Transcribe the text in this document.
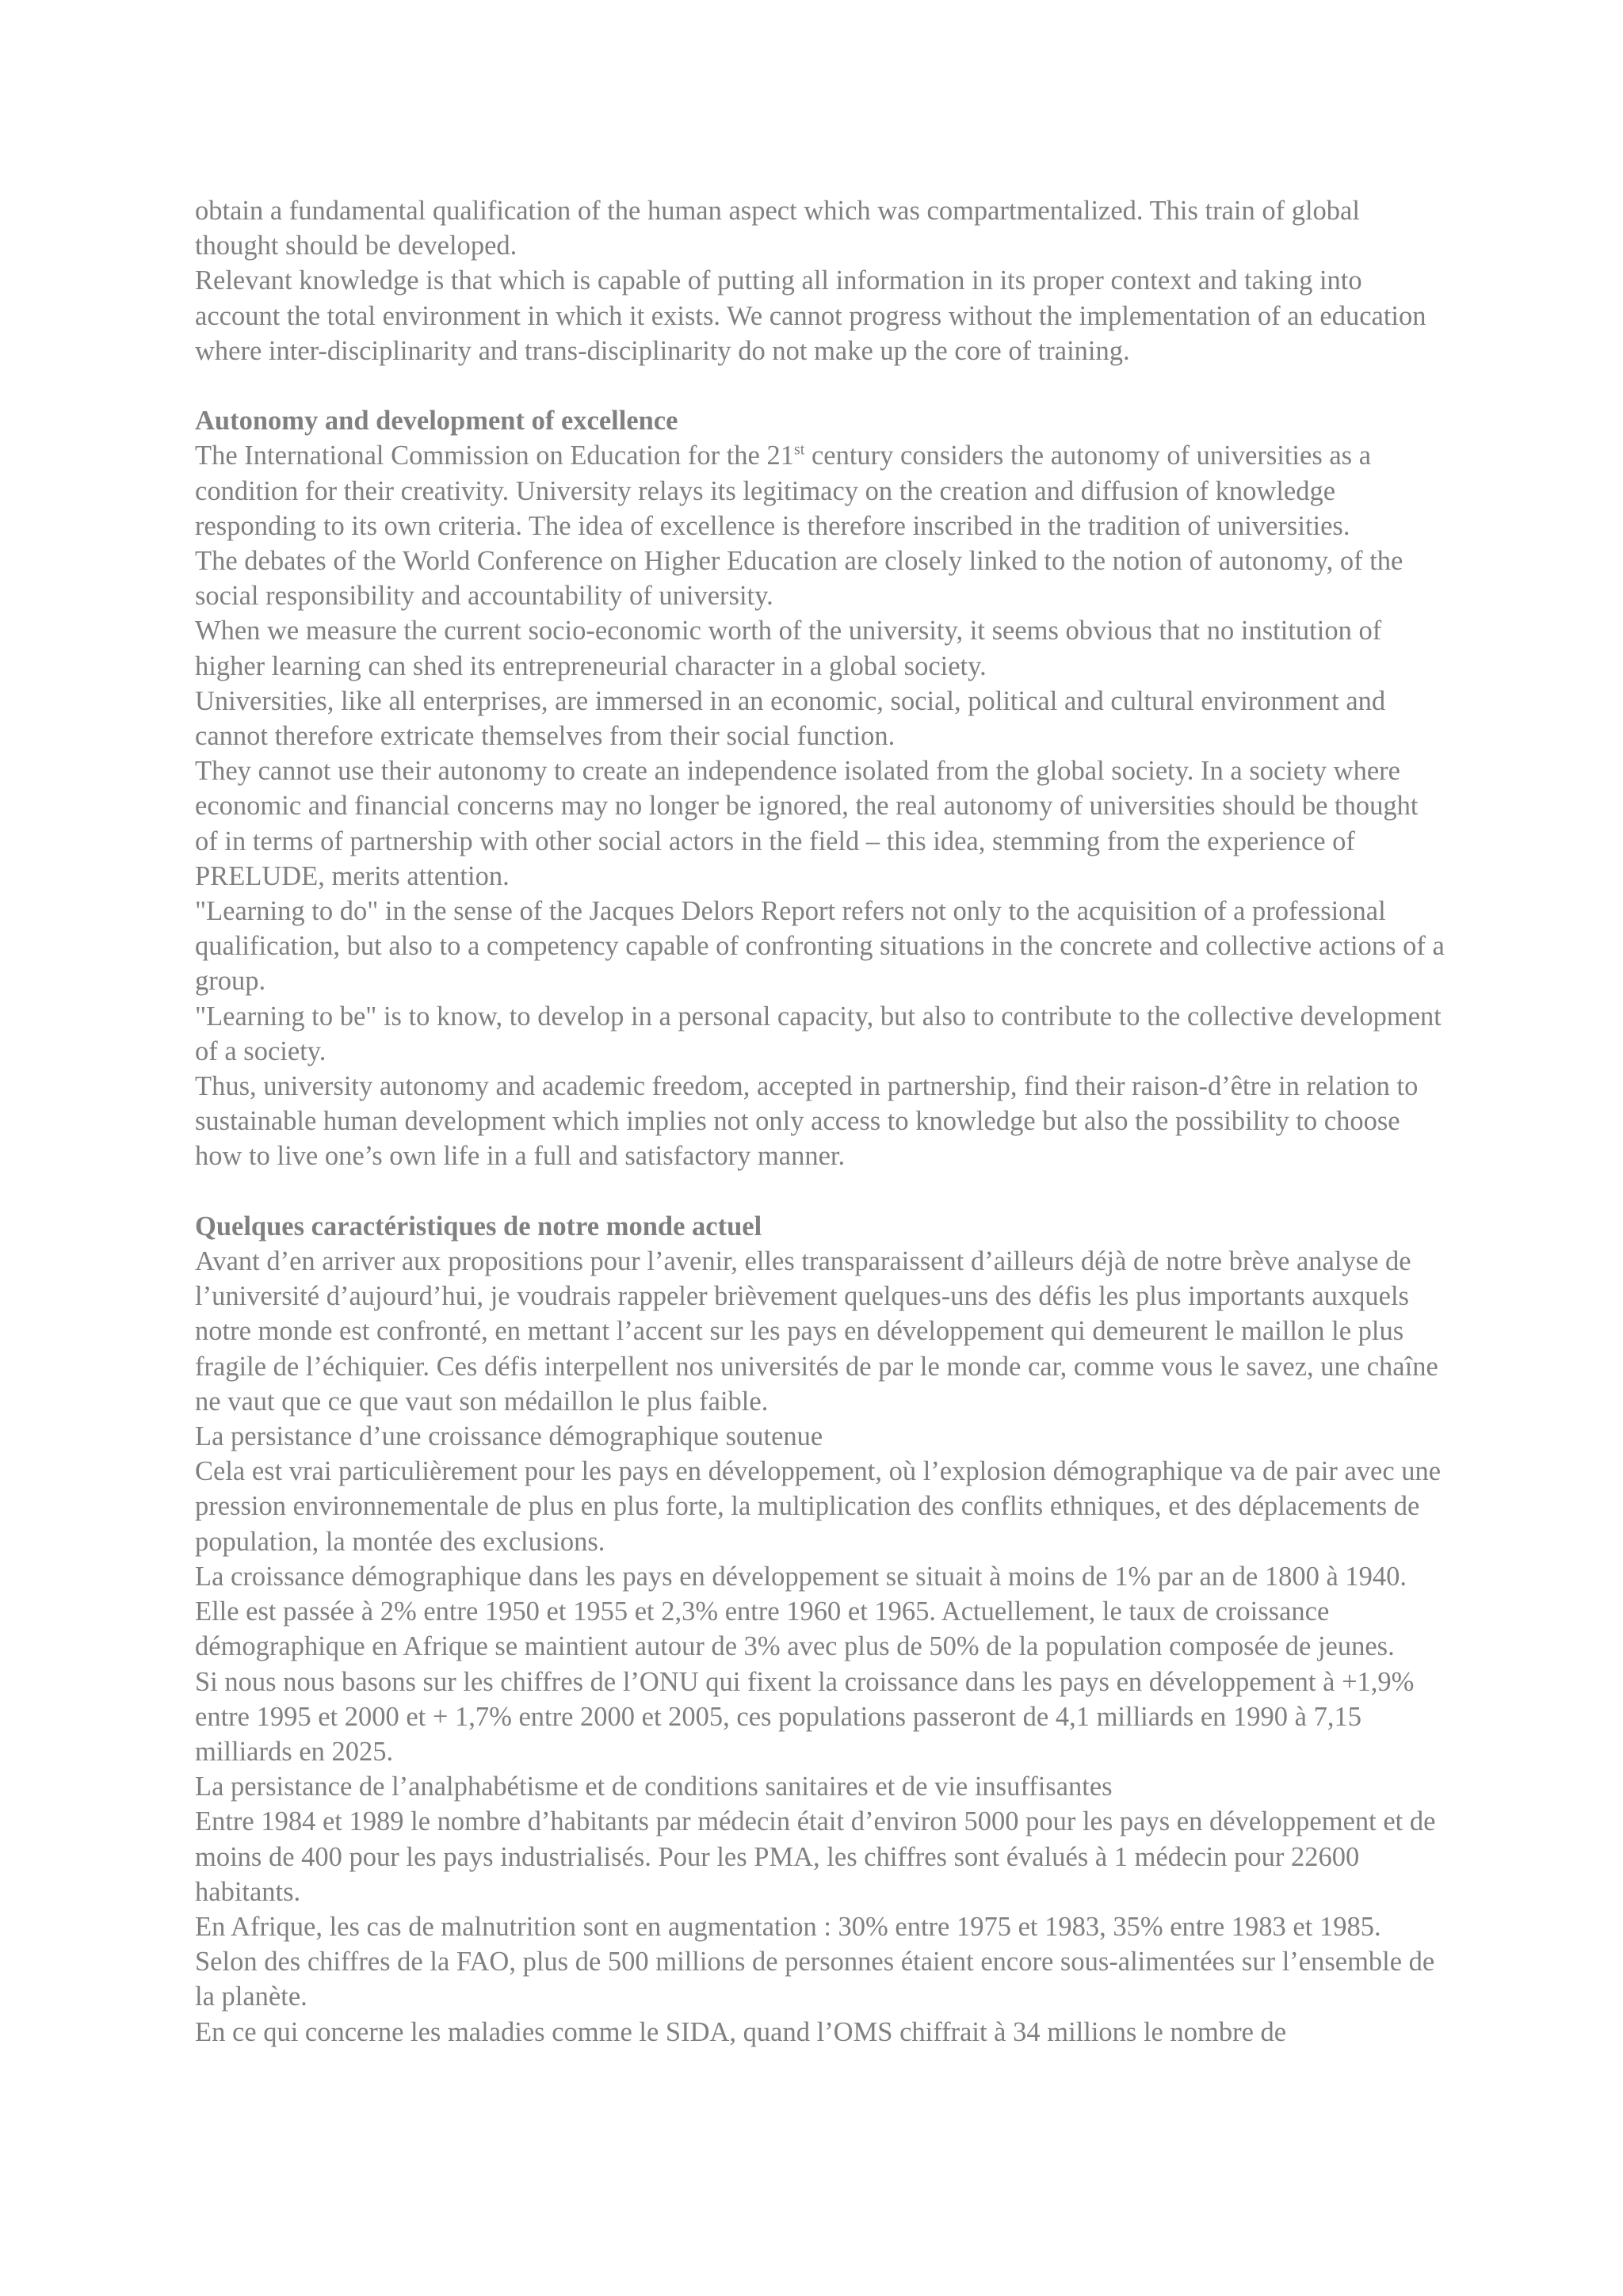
obtain a fundamental qualification of the human aspect which was compartmentalized. This train of global thought should be developed.

Relevant knowledge is that which is capable of putting all information in its proper context and taking into account the total environment in which it exists. We cannot progress without the implementation of an education where inter-disciplinarity and trans-disciplinarity do not make up the core of training.

Autonomy and development of excellence

The International Commission on Education for the 21st century considers the autonomy of universities as a condition for their creativity. University relays its legitimacy on the creation and diffusion of knowledge responding to its own criteria. The idea of excellence is therefore inscribed in the tradition of universities.

The debates of the World Conference on Higher Education are closely linked to the notion of autonomy, of the social responsibility and accountability of university.

When we measure the current socio-economic worth of the university, it seems obvious that no institution of higher learning can shed its entrepreneurial character in a global society.

Universities, like all enterprises, are immersed in an economic, social, political and cultural environment and cannot therefore extricate themselves from their social function.

They cannot use their autonomy to create an independence isolated from the global society. In a society where economic and financial concerns may no longer be ignored, the real autonomy of universities should be thought of in terms of partnership with other social actors in the field – this idea, stemming from the experience of PRELUDE, merits attention.

"Learning to do" in the sense of the Jacques Delors Report refers not only to the acquisition of a professional qualification, but also to a competency capable of confronting situations in the concrete and collective actions of a group.

"Learning to be" is to know, to develop in a personal capacity, but also to contribute to the collective development of a society.

Thus, university autonomy and academic freedom, accepted in partnership, find their raison-d’être in relation to sustainable human development which implies not only access to knowledge but also the possibility to choose how to live one’s own life in a full and satisfactory manner.

Quelques caractéristiques de notre monde actuel

Avant d’en arriver aux propositions pour l’avenir, elles transparaissent d’ailleurs déjà de notre brève analyse de l’université d’aujourd’hui, je voudrais rappeler brièvement quelques-uns des défis les plus importants auxquels notre monde est confronté, en mettant l’accent sur les pays en développement qui demeurent le maillon le plus fragile de l’échiquier. Ces défis interpellent nos universités de par le monde car, comme vous le savez, une chaîne ne vaut que ce que vaut son médaillon le plus faible.

La persistance d’une croissance démographique soutenue

Cela est vrai particulièrement pour les pays en développement, où l’explosion démographique va de pair avec une pression environnementale de plus en plus forte, la multiplication des conflits ethniques, et des déplacements de population, la montée des exclusions.

La croissance démographique dans les pays en développement se situait à moins de 1% par an de 1800 à 1940. Elle est passée à 2% entre 1950 et 1955 et 2,3% entre 1960 et 1965. Actuellement, le taux de croissance démographique en Afrique se maintient autour de 3% avec plus de 50% de la population composée de jeunes.

Si nous nous basons sur les chiffres de l’ONU qui fixent la croissance dans les pays en développement à +1,9% entre 1995 et 2000 et + 1,7% entre 2000 et 2005, ces populations passeront de 4,1 milliards en 1990 à 7,15 milliards en 2025.

La persistance de l’analphabétisme et de conditions sanitaires et de vie insuffisantes

Entre 1984 et 1989 le nombre d’habitants par médecin était d’environ 5000 pour les pays en développement et de moins de 400 pour les pays industrialisés. Pour les PMA, les chiffres sont évalués à 1 médecin pour 22600 habitants.

En Afrique, les cas de malnutrition sont en augmentation : 30% entre 1975 et 1983, 35% entre 1983 et 1985. Selon des chiffres de la FAO, plus de 500 millions de personnes étaient encore sous-alimentées sur l’ensemble de la planète.

En ce qui concerne les maladies comme le SIDA, quand l’OMS chiffrait à 34 millions le nombre de
